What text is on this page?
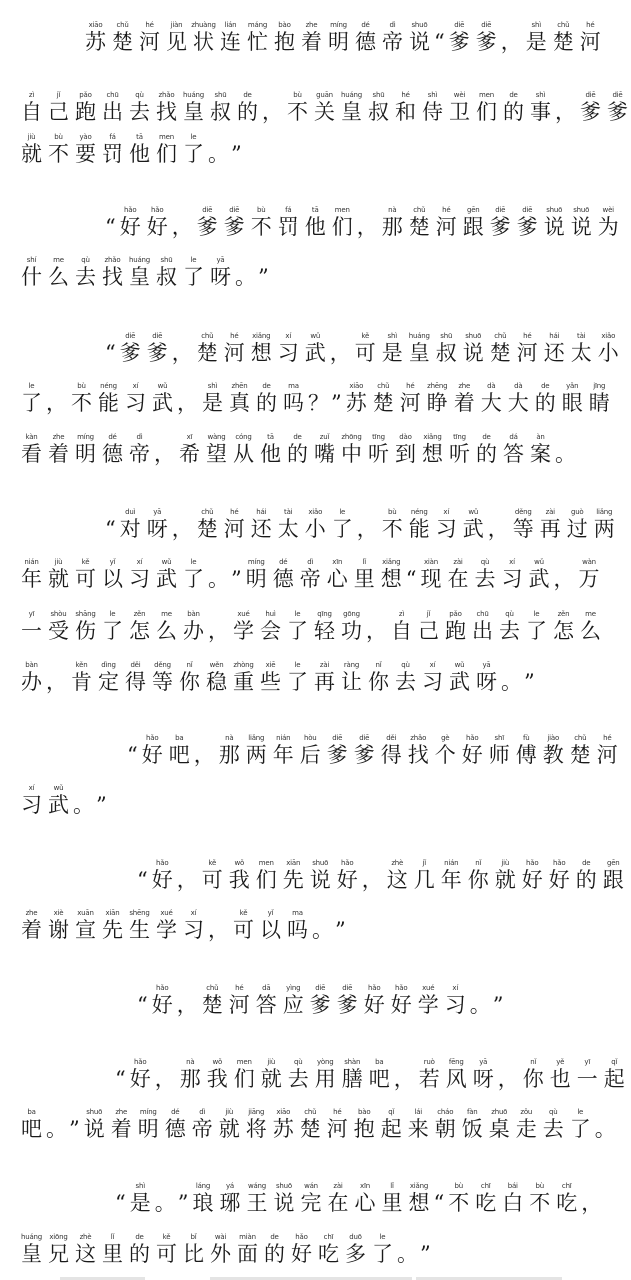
xiāo
苏
chǔ
楚
hé
河
jiàn
见
zhuàng
状
lián
连
máng
忙
bào
抱
zhe
着
míng
明
dé
德
dì
帝
shuō
说 “
diē
爹
diē
爹 ，
shì
是
chǔ
楚
hé
河
zì
自
jǐ
己
pǎo
跑
chū
出
qù
去
zhǎo
找
huáng
皇
shū
叔
de
的 ，
bù
不
guān
关
huáng
皇
shū
叔
hé
和
shì
侍
wèi
卫
men
们
de
的
shì
事 ，
diē
爹
diē
爹
jiù
就
bù
不
yào
要
fá
罚
tā
他
men
们
le
了 。 ”
“
hǎo
好
hǎo
好 ，
diē
爹
diē
爹
bù
不
fá
罚
tā
他
men
们 ，
nà
那
chǔ
楚
hé
河
gēn
跟
diē
爹
diē
爹
shuō
说
shuō
说
wèi
为
shí
什
me
么
qù
去
zhǎo
找
huáng
皇
shū
叔
le
了
yā
呀 。 ”
“
diē
爹
diē
爹 ，
chǔ
楚
hé
河
xiǎng
想
xí
习
wǔ
武 ，
kě
可
shì
是
huáng
皇
shū
叔
shuō
说
chǔ
楚
hé
河
hái
还
tài
太
xiǎo
小
le
了 ，
bù
不
néng
能
xí
习
wǔ
武 ，
shì
是
zhēn
真
de
的
ma
吗 ？ ”
xiāo
苏
chǔ
楚
hé
河
zhēng
睁
zhe
着
dà
大
dà
大
de
的
yǎn
眼
jīng
睛
kàn
看
zhe
着
míng
明
dé
德
dì
帝 ，
xī
希
wàng
望
cóng
从
tā
他
de
的
zuǐ
嘴
zhōng
中
tīng
听
dào
到
xiǎng
想
tīng
听
de
的
dá
答
àn
案 。
“
duì
对
yā
呀 ，
chǔ
楚
hé
河
hái
还
tài
太
xiǎo
小
le
了 ，
bù
不
néng
能
xí
习
wǔ
武 ，
děng
等
zài
再
guò
过
liǎng
两
nián
年
jiù
就
kě
可
yǐ
以
xí
习
wǔ
武
le
了 。 ”
míng
明
dé
德
dì
帝
xīn
心
lǐ
里
xiǎng
想 “
xiàn
现
zài
在
qù
去
xí
习
wǔ
武 ，
wàn
万
yī
一
shòu
受
shāng
伤
le
了
zěn
怎
me
么
bàn
办 ，
xué
学
huì
会
le
了
qīng
轻
gōng
功 ，
zì
自
jǐ
己
pǎo
跑
chū
出
qù
去
le
了
zěn
怎
me
么
bàn
办 ，
kěn
肯
dìng
定
děi
得
děng
等
nǐ
你
wěn
稳
zhòng
重
xiē
些
le
了
zài
再
ràng
让
nǐ
你
qù
去
xí
习
wǔ
武
yā
呀 。 ”
“
hǎo
好
ba
吧 ，
nà
那
liǎng
两
nián
年
hòu
后
diē
爹
diē
爹
děi
得
zhǎo
找
gè
个
hǎo
好
shī
师
fù
傅
jiào
教
chǔ
楚
hé
河
xí
习
wǔ
武 。 ”
“
hǎo
好 ，
kě
可
wǒ
我
men
们
xiān
先
shuō
说
hǎo
好 ，
zhè
这
jǐ
几
nián
年
nǐ
你
jiù
就
hǎo
好
hǎo
好
de
的
gēn
跟
zhe
着
xiè
谢
xuān
宣
xiān
先
shēng
生
xué
学
xí
习 ，
kě
可
yǐ
以
ma
吗 。 ”
“
hǎo
好 ，
chǔ
楚
hé
河
dā
答
yìng
应
diē
爹
diē
爹
hǎo
好
hǎo
好
xué
学
xí
习 。 ”
“
hǎo
好 ，
nà
那
wǒ
我
men
们
jiù
就
qù
去
yòng
用
shàn
膳
ba
吧 ，
ruò
若
fēng
风
yā
呀 ，
nǐ
你
yě
也
yī
一
qǐ
起
ba
吧 。 ”
shuō
说
zhe
着
míng
明
dé
德
dì
帝
jiù
就
jiāng
将
xiāo
苏
chǔ
楚
hé
河
bào
抱
qǐ
起
lái
来
cháo
朝
fàn
饭
zhuō
桌
zǒu
走
qù
去
le
了 。
“
shì
是 。 ”
láng
琅
yá
琊
wáng
王
shuō
说
wán
完
zài
在
xīn
心
lǐ
里
xiǎng
想 “
bù
不
chī
吃
bái
白
bù
不
chī
吃 ，
huáng
皇
xiōng
兄
zhè
这
lǐ
里
de
的
kě
可
bǐ
比
wài
外
miàn
面
de
的
hǎo
好
chī
吃
duō
多
le
了 。 ”
